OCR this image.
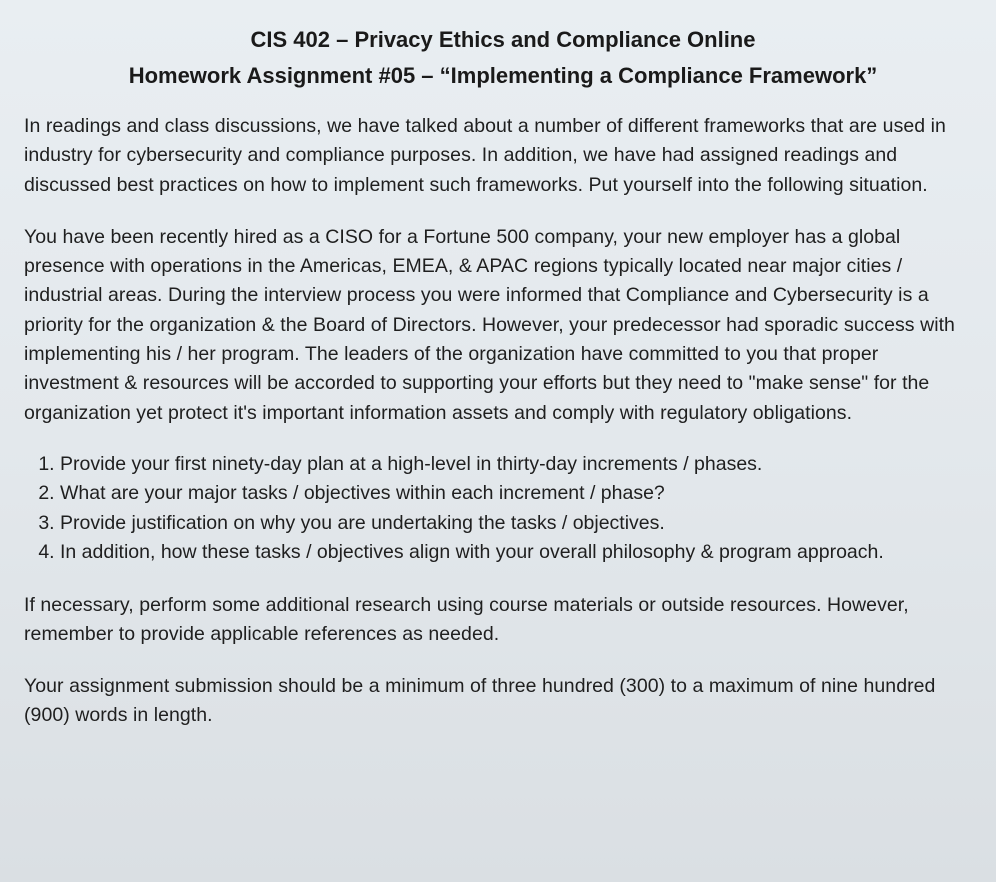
CIS 402 – Privacy Ethics and Compliance Online
Homework Assignment #05 – “Implementing a Compliance Framework”

In readings and class discussions, we have talked about a number of different frameworks that are used in industry for cybersecurity and compliance purposes. In addition, we have had assigned readings and discussed best practices on how to implement such frameworks. Put yourself into the following situation.

You have been recently hired as a CISO for a Fortune 500 company, your new employer has a global presence with operations in the Americas, EMEA, & APAC regions typically located near major cities / industrial areas. During the interview process you were informed that Compliance and Cybersecurity is a priority for the organization & the Board of Directors. However, your predecessor had sporadic success with implementing his / her program. The leaders of the organization have committed to you that proper investment & resources will be accorded to supporting your efforts but they need to "make sense" for the organization yet protect it's important information assets and comply with regulatory obligations.

1. Provide your first ninety-day plan at a high-level in thirty-day increments / phases.
2. What are your major tasks / objectives within each increment / phase?
3. Provide justification on why you are undertaking the tasks / objectives.
4. In addition, how these tasks / objectives align with your overall philosophy & program approach.

If necessary, perform some additional research using course materials or outside resources. However, remember to provide applicable references as needed.

Your assignment submission should be a minimum of three hundred (300) to a maximum of nine hundred (900) words in length.
